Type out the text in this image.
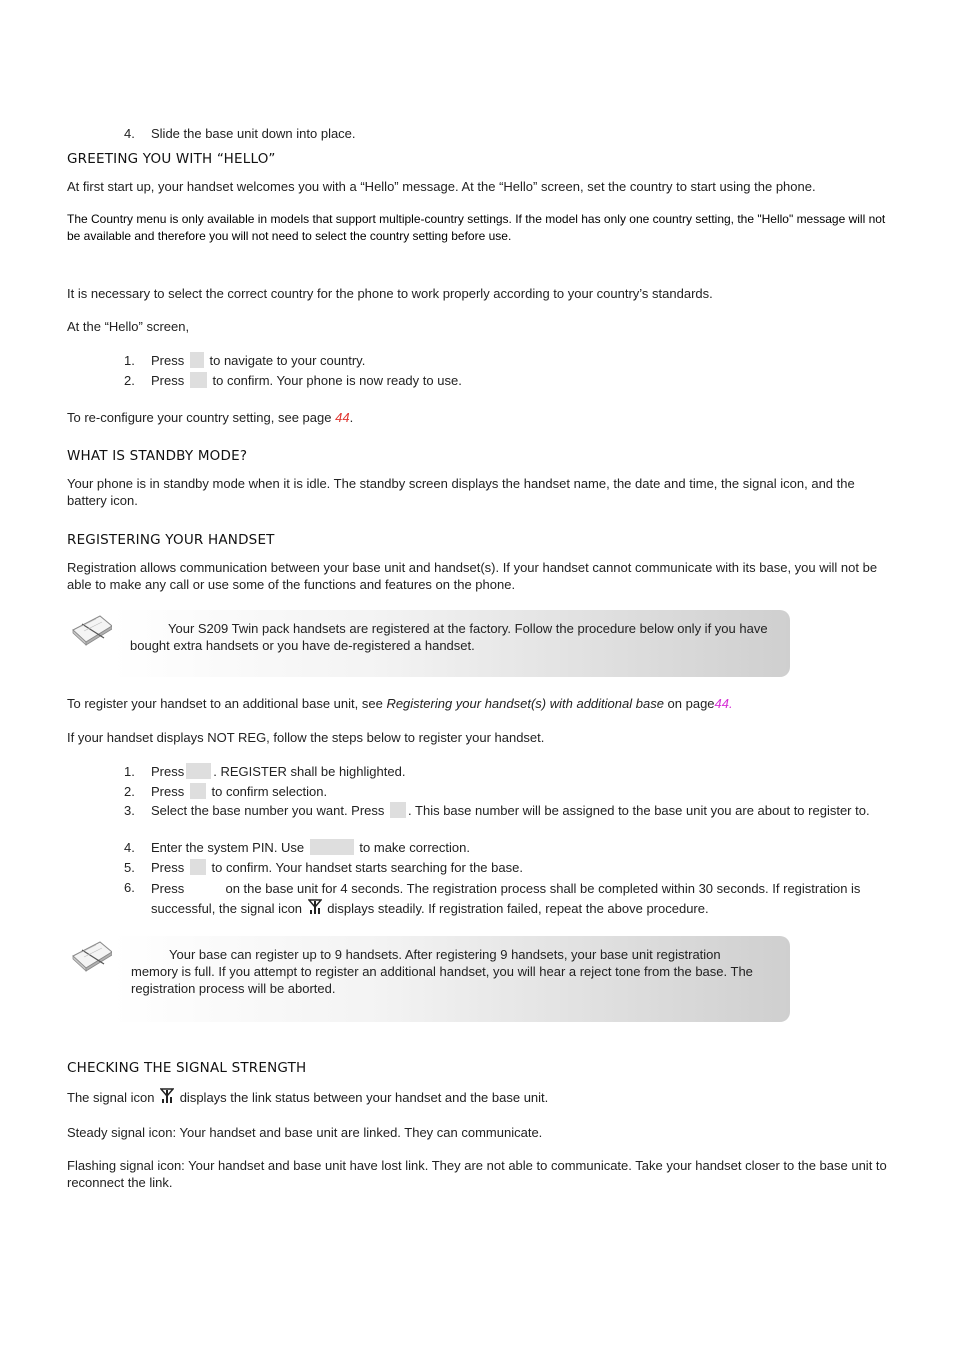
4. Slide the base unit down into place.
GREETING YOU WITH “HELLO”
At first start up, your handset welcomes you with a “Hello” message. At the “Hello” screen, set the country to start using the phone.
The Country menu is only available in models that support multiple-country settings. If the model has only one country setting, the "Hello" message will not be available and therefore you will not need to select the country setting before use.
It is necessary to select the correct country for the phone to work properly according to your country’s standards.
At the “Hello” screen,
1. Press to navigate to your country.
2. Press to confirm. Your phone is now ready to use.
To re-configure your country setting, see page 44.
WHAT IS STANDBY MODE?
Your phone is in standby mode when it is idle. The standby screen displays the handset name, the date and time, the signal icon, and the battery icon.
REGISTERING YOUR HANDSET
Registration allows communication between your base unit and handset(s). If your handset cannot communicate with its base, you will not be able to make any call or use some of the functions and features on the phone.
Your S209 Twin pack handsets are registered at the factory. Follow the procedure below only if you have bought extra handsets or you have de-registered a handset.
To register your handset to an additional base unit, see Registering your handset(s) with additional base on page44.
If your handset displays NOT REG, follow the steps below to register your handset.
1. Press . REGISTER shall be highlighted.
2. Press to confirm selection.
3. Select the base number you want. Press . This base number will be assigned to the base unit you are about to register to.
4. Enter the system PIN. Use	to make correction.
5. Press to confirm. Your handset starts searching for the base.
6. Press	on the base unit for 4 seconds. The registration process shall be completed within 30 seconds. If registration is successful, the signal icon displays steadily. If registration failed, repeat the above procedure.
Your base can register up to 9 handsets. After registering 9 handsets, your base unit registration memory is full. If you attempt to register an additional handset, you will hear a reject tone from the base. The registration process will be aborted.
CHECKING THE SIGNAL STRENGTH
The signal icon displays the link status between your handset and the base unit.
Steady signal icon: Your handset and base unit are linked. They can communicate.
Flashing signal icon: Your handset and base unit have lost link. They are not able to communicate. Take your handset closer to the base unit to reconnect the link.
